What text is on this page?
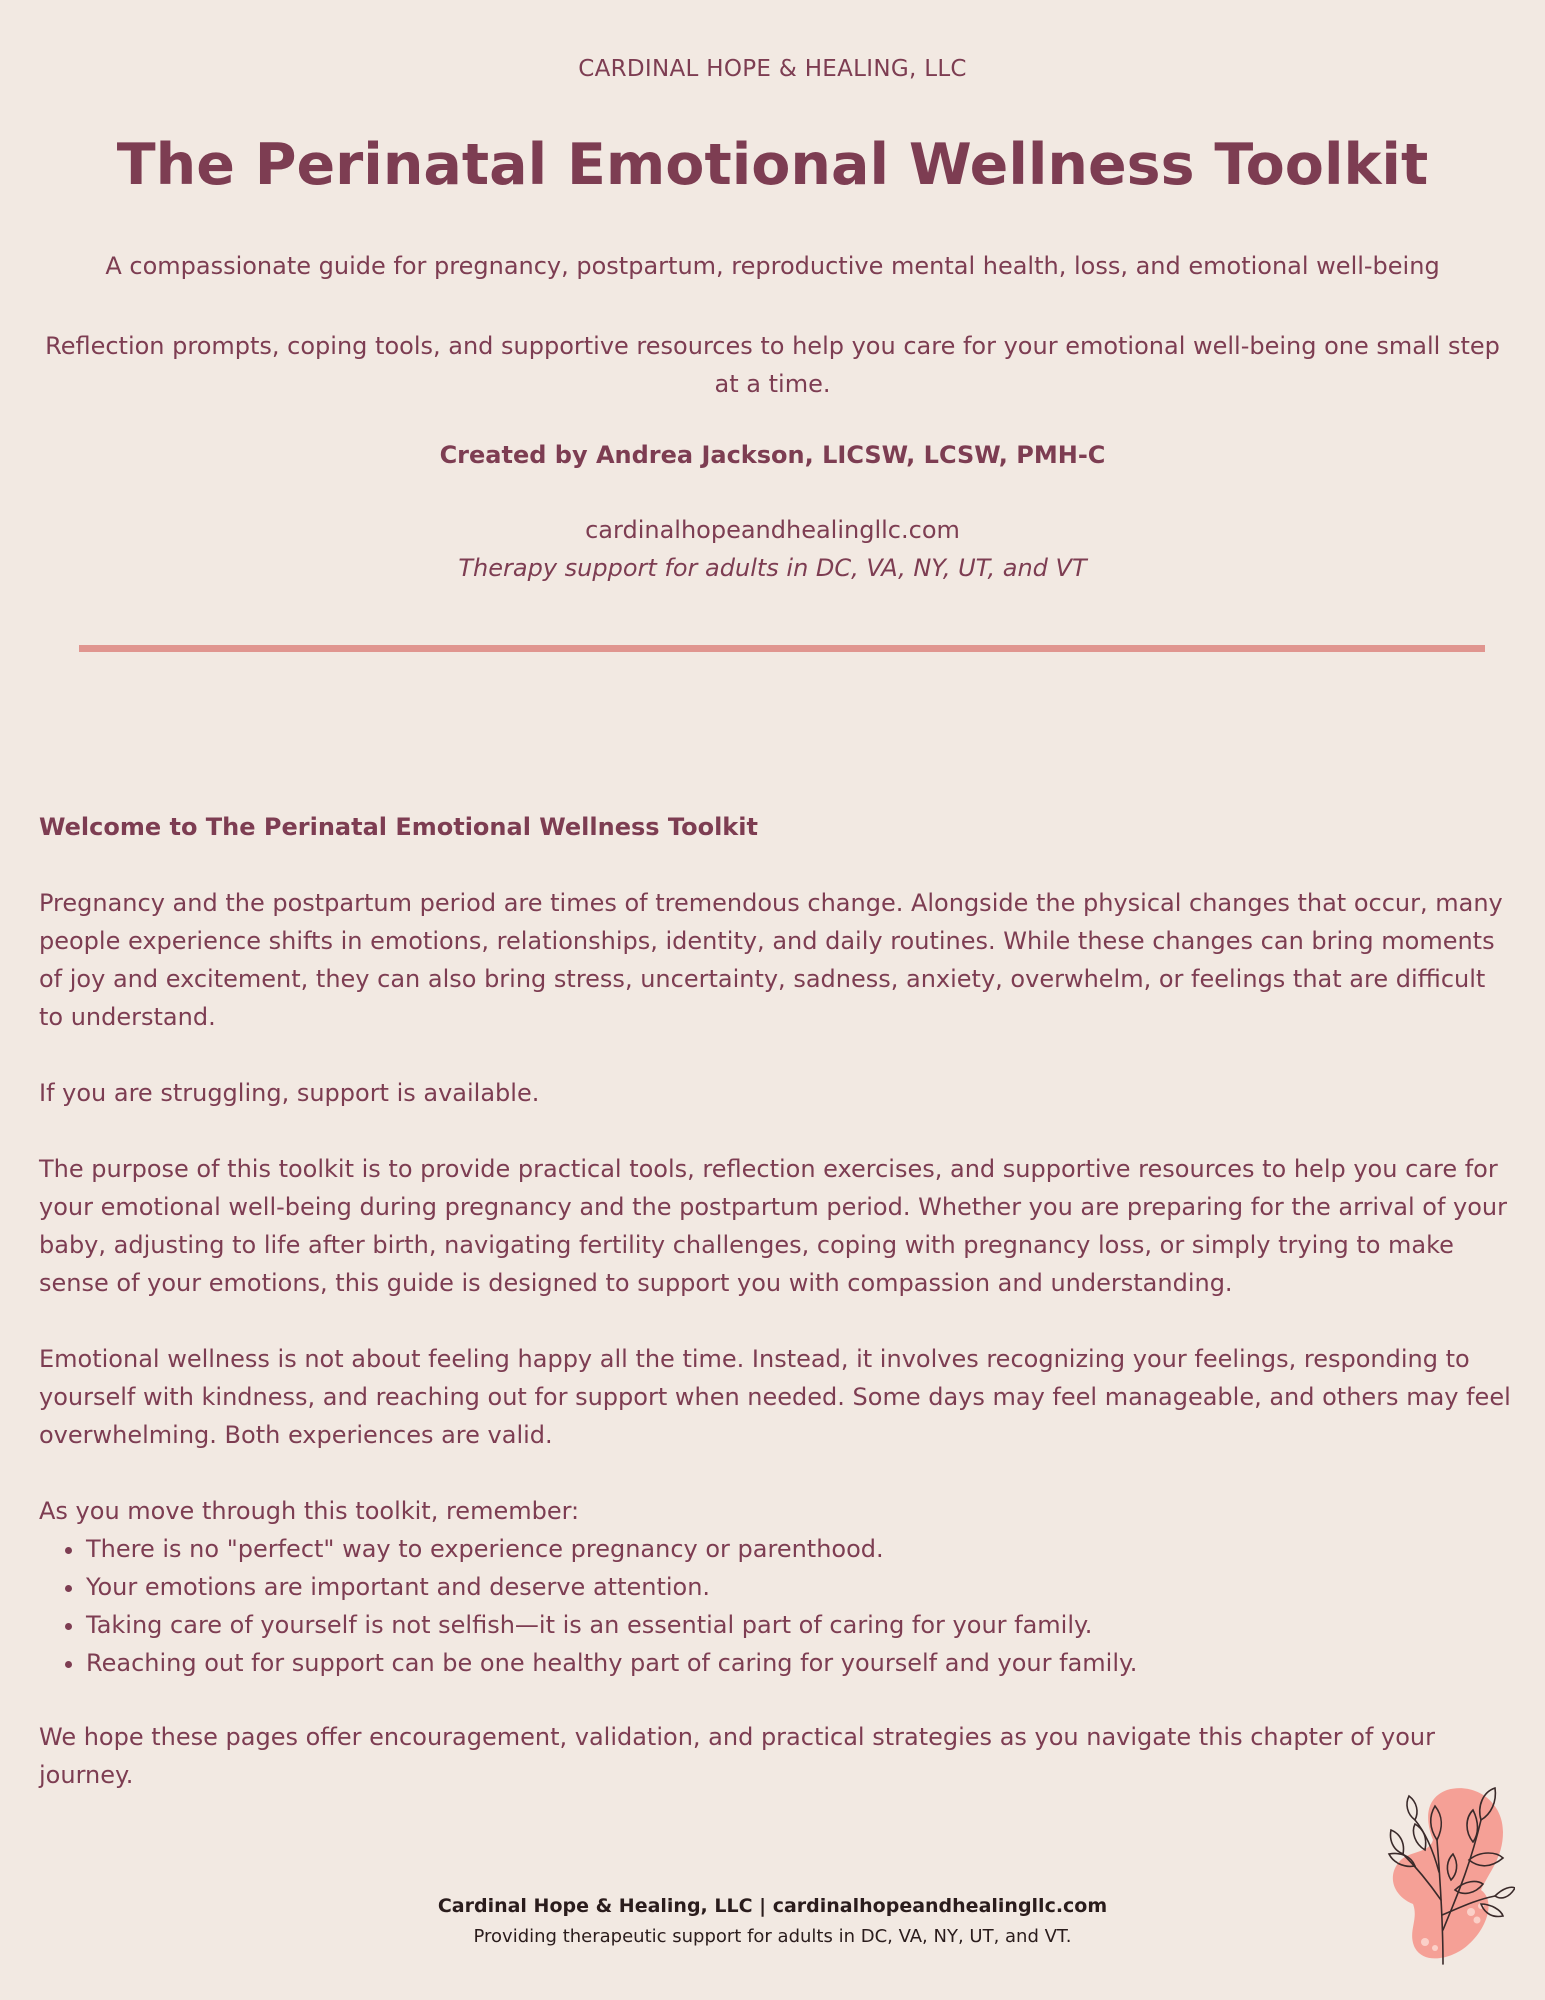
CARDINAL HOPE & HEALING, LLC
The Perinatal Emotional Wellness Toolkit
A compassionate guide for pregnancy, postpartum, reproductive mental health, loss, and emotional well-being
Reflection prompts, coping tools, and supportive resources to help you care for your emotional well-being one small step at a time.
Created by Andrea Jackson, LICSW, LCSW, PMH-C
cardinalhopeandhealingllc.com
Therapy support for adults in DC, VA, NY, UT, and VT

Welcome to The Perinatal Emotional Wellness Toolkit

Pregnancy and the postpartum period are times of tremendous change. Alongside the physical changes that occur, many people experience shifts in emotions, relationships, identity, and daily routines. While these changes can bring moments of joy and excitement, they can also bring stress, uncertainty, sadness, anxiety, overwhelm, or feelings that are difficult to understand.

If you are struggling, support is available.

The purpose of this toolkit is to provide practical tools, reflection exercises, and supportive resources to help you care for your emotional well-being during pregnancy and the postpartum period. Whether you are preparing for the arrival of your baby, adjusting to life after birth, navigating fertility challenges, coping with pregnancy loss, or simply trying to make sense of your emotions, this guide is designed to support you with compassion and understanding.

Emotional wellness is not about feeling happy all the time. Instead, it involves recognizing your feelings, responding to yourself with kindness, and reaching out for support when needed. Some days may feel manageable, and others may feel overwhelming. Both experiences are valid.

As you move through this toolkit, remember:
• There is no "perfect" way to experience pregnancy or parenthood.
• Your emotions are important and deserve attention.
• Taking care of yourself is not selfish—it is an essential part of caring for your family.
• Reaching out for support can be one healthy part of caring for yourself and your family.
We hope these pages offer encouragement, validation, and practical strategies as you navigate this chapter of your journey.
Cardinal Hope & Healing, LLC | cardinalhopeandhealingllc.com
Providing therapeutic support for adults in DC, VA, NY, UT, and VT.
